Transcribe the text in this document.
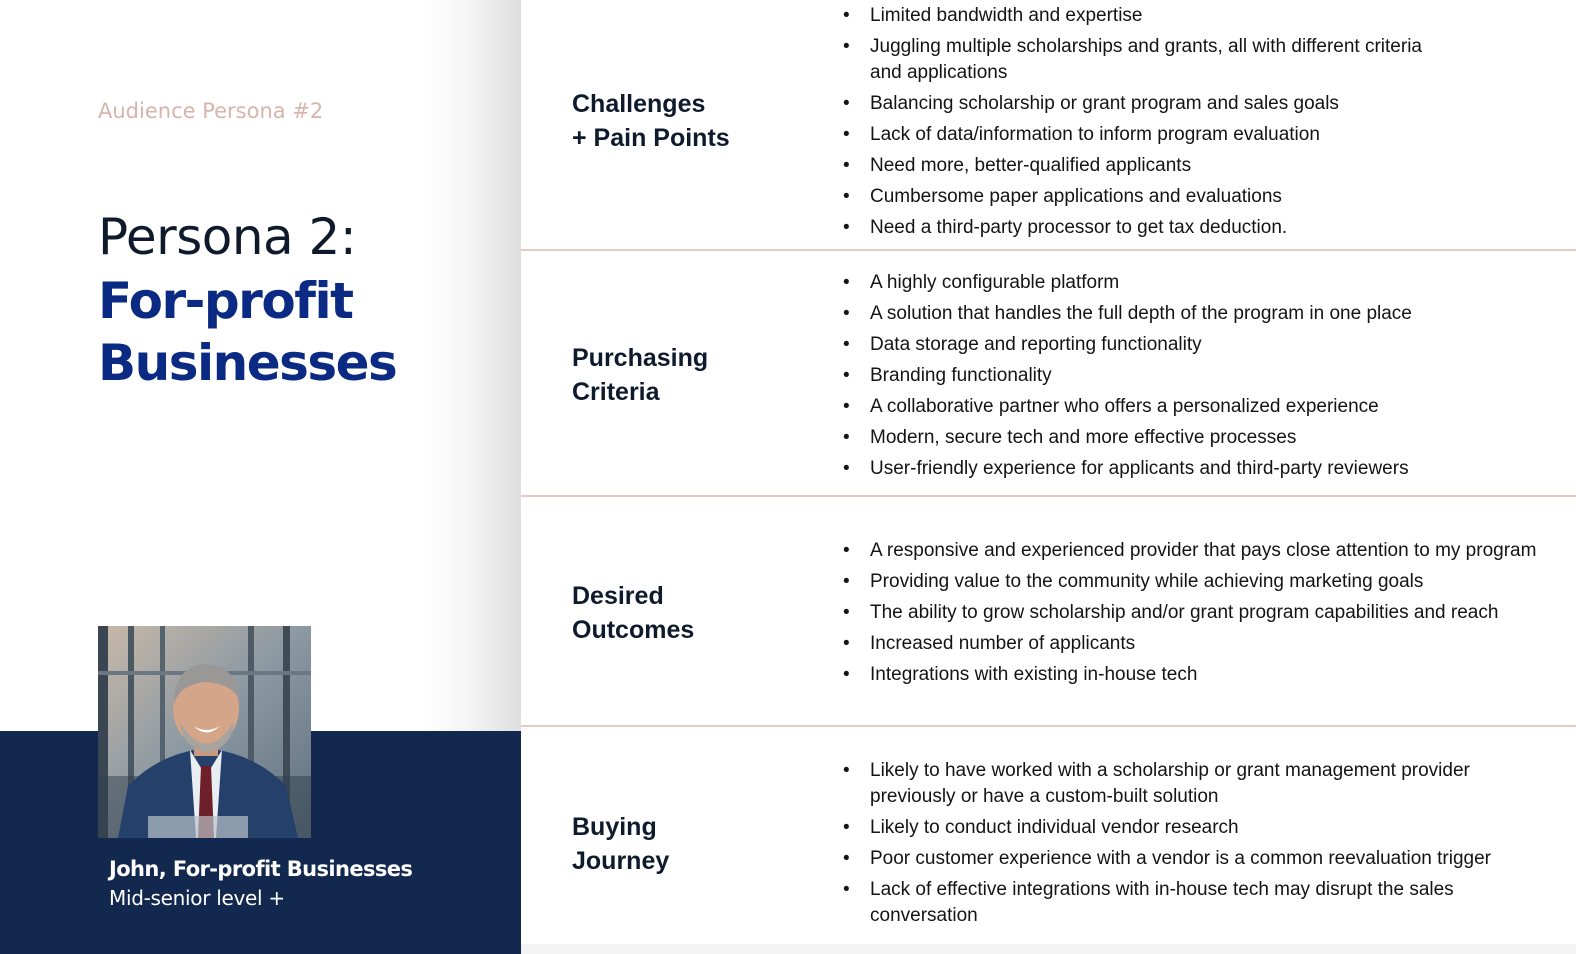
Audience Persona #2
Persona 2:
For-profit
Businesses
John, For-profit Businesses
Mid-senior level +
Challenges
+ Pain Points
• Limited bandwidth and expertise
• Juggling multiple scholarships and grants, all with different criteria and applications
• Balancing scholarship or grant program and sales goals
• Lack of data/information to inform program evaluation
• Need more, better-qualified applicants
• Cumbersome paper applications and evaluations
• Need a third-party processor to get tax deduction.
Purchasing
Criteria
• A highly configurable platform
• A solution that handles the full depth of the program in one place
• Data storage and reporting functionality
• Branding functionality
• A collaborative partner who offers a personalized experience
• Modern, secure tech and more effective processes
• User-friendly experience for applicants and third-party reviewers
Desired
Outcomes
• A responsive and experienced provider that pays close attention to my program
• Providing value to the community while achieving marketing goals
• The ability to grow scholarship and/or grant program capabilities and reach
• Increased number of applicants
• Integrations with existing in-house tech
Buying
Journey
• Likely to have worked with a scholarship or grant management provider previously or have a custom-built solution
• Likely to conduct individual vendor research
• Poor customer experience with a vendor is a common reevaluation trigger
• Lack of effective integrations with in-house tech may disrupt the sales conversation
